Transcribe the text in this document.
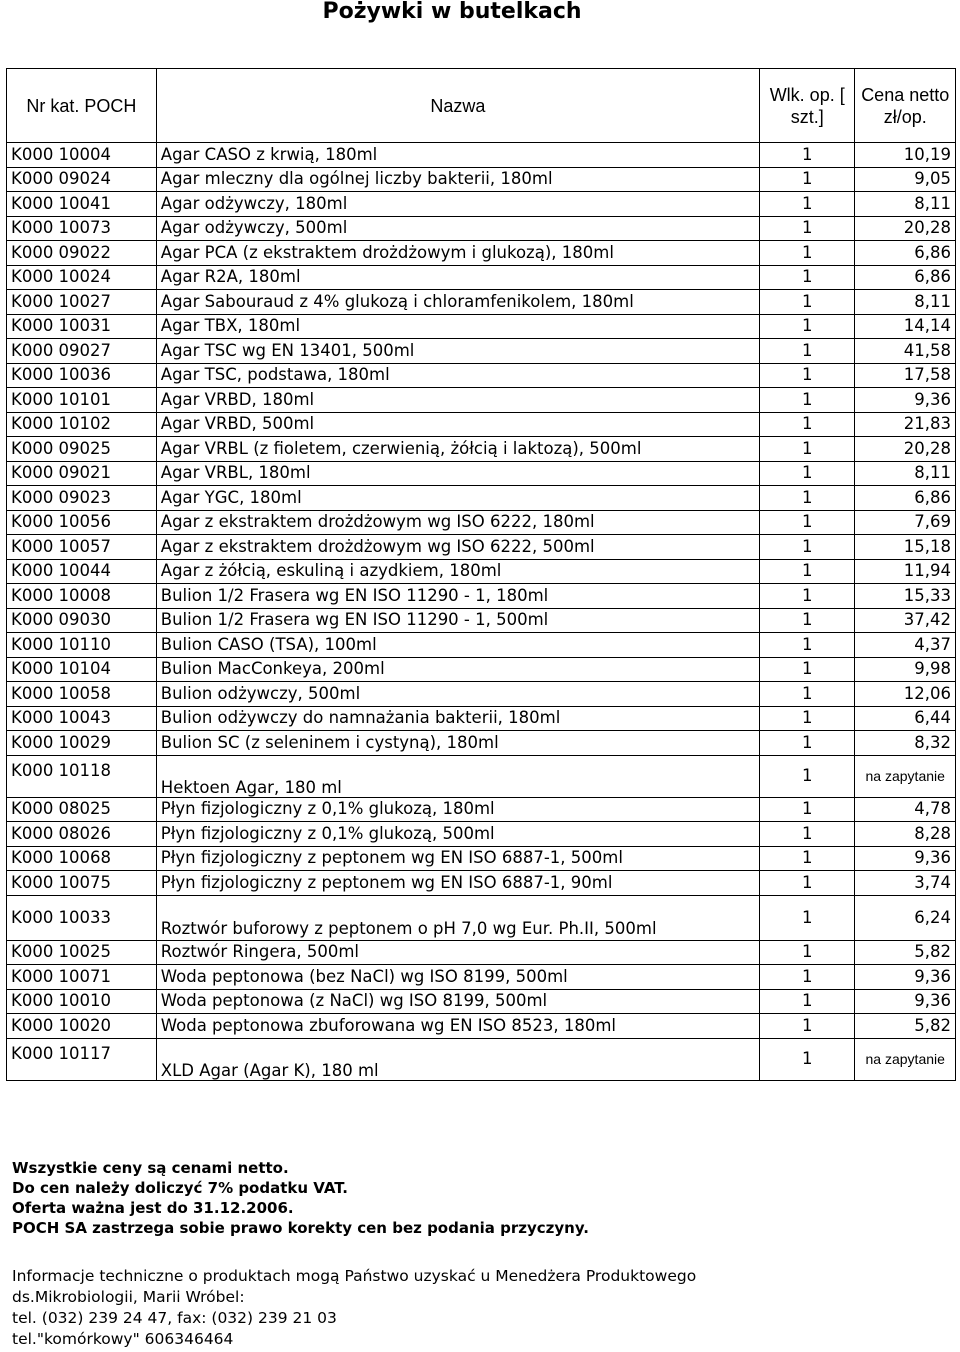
Pożywki w butelkach
Nr kat. POCH	Nazwa	Wlk. op. [ szt.]	Cena netto zł/op.
K000 10004	Agar CASO z krwią, 180ml	1	10,19
K000 09024	Agar mleczny dla ogólnej liczby bakterii, 180ml	1	9,05
K000 10041	Agar odżywczy, 180ml	1	8,11
K000 10073	Agar odżywczy, 500ml	1	20,28
K000 09022	Agar PCA (z ekstraktem drożdżowym i glukozą), 180ml	1	6,86
K000 10024	Agar R2A, 180ml	1	6,86
K000 10027	Agar Sabouraud z 4% glukozą i chloramfenikolem, 180ml	1	8,11
K000 10031	Agar TBX, 180ml	1	14,14
K000 09027	Agar TSC wg EN 13401, 500ml	1	41,58
K000 10036	Agar TSC, podstawa, 180ml	1	17,58
K000 10101	Agar VRBD, 180ml	1	9,36
K000 10102	Agar VRBD, 500ml	1	21,83
K000 09025	Agar VRBL (z fioletem, czerwienią, żółcią i laktozą), 500ml	1	20,28
K000 09021	Agar VRBL, 180ml	1	8,11
K000 09023	Agar YGC, 180ml	1	6,86
K000 10056	Agar z ekstraktem drożdżowym wg ISO 6222, 180ml	1	7,69
K000 10057	Agar z ekstraktem drożdżowym wg ISO 6222, 500ml	1	15,18
K000 10044	Agar z żółcią, eskuliną i azydkiem, 180ml	1	11,94
K000 10008	Bulion 1/2 Frasera wg EN ISO 11290 - 1, 180ml	1	15,33
K000 09030	Bulion 1/2 Frasera wg EN ISO 11290 - 1, 500ml	1	37,42
K000 10110	Bulion CASO (TSA), 100ml	1	4,37
K000 10104	Bulion MacConkeya, 200ml	1	9,98
K000 10058	Bulion odżywczy, 500ml	1	12,06
K000 10043	Bulion odżywczy do namnażania bakterii, 180ml	1	6,44
K000 10029	Bulion SC (z seleninem i cystyną), 180ml	1	8,32
K000 10118	Hektoen Agar, 180 ml	1	na zapytanie
K000 08025	Płyn fizjologiczny z 0,1% glukozą, 180ml	1	4,78
K000 08026	Płyn fizjologiczny z 0,1% glukozą, 500ml	1	8,28
K000 10068	Płyn fizjologiczny z peptonem wg EN ISO 6887-1, 500ml	1	9,36
K000 10075	Płyn fizjologiczny z peptonem wg EN ISO 6887-1, 90ml	1	3,74
K000 10033	Roztwór buforowy z peptonem o pH 7,0 wg Eur. Ph.II, 500ml	1	6,24
K000 10025	Roztwór Ringera, 500ml	1	5,82
K000 10071	Woda peptonowa (bez NaCl) wg ISO 8199, 500ml	1	9,36
K000 10010	Woda peptonowa (z NaCl) wg ISO 8199, 500ml	1	9,36
K000 10020	Woda peptonowa zbuforowana wg EN ISO 8523, 180ml	1	5,82
K000 10117	XLD Agar (Agar K), 180 ml	1	na zapytanie
Wszystkie ceny są cenami netto.
Do cen należy doliczyć 7% podatku VAT.
Oferta ważna jest do 31.12.2006.
POCH SA zastrzega sobie prawo korekty cen bez podania przyczyny.
Informacje techniczne o produktach mogą Państwo uzyskać u Menedżera Produktowego
ds.Mikrobiologii, Marii Wróbel:
tel. (032) 239 24 47, fax: (032) 239 21 03
tel."komórkowy" 606346464
